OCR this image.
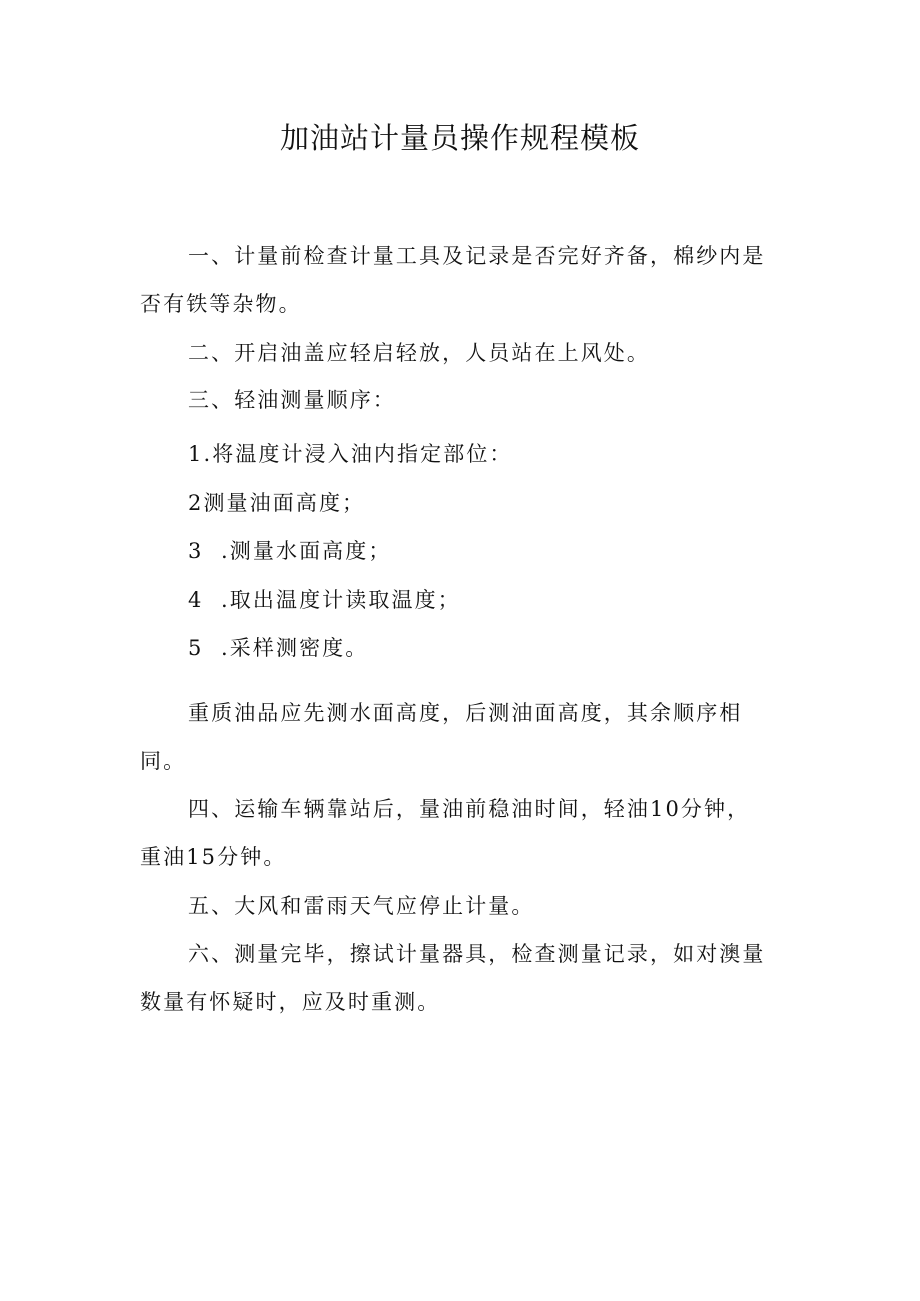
加油站计量员操作规程模板

一、计量前检查计量工具及记录是否完好齐备，棉纱内是否有铁等杂物。

二、开启油盖应轻启轻放，人员站在上风处。

三、轻油测量顺序：

1.将温度计浸入油内指定部位：

2测量油面高度；

3  .测量水面高度；

4  .取出温度计读取温度；

5  .采样测密度。

重质油品应先测水面高度，后测油面高度，其余顺序相同。

四、运输车辆靠站后，量油前稳油时间，轻油10分钟，重油15分钟。

五、大风和雷雨天气应停止计量。

六、测量完毕，擦试计量器具，检查测量记录，如对澳量数量有怀疑时，应及时重测。
